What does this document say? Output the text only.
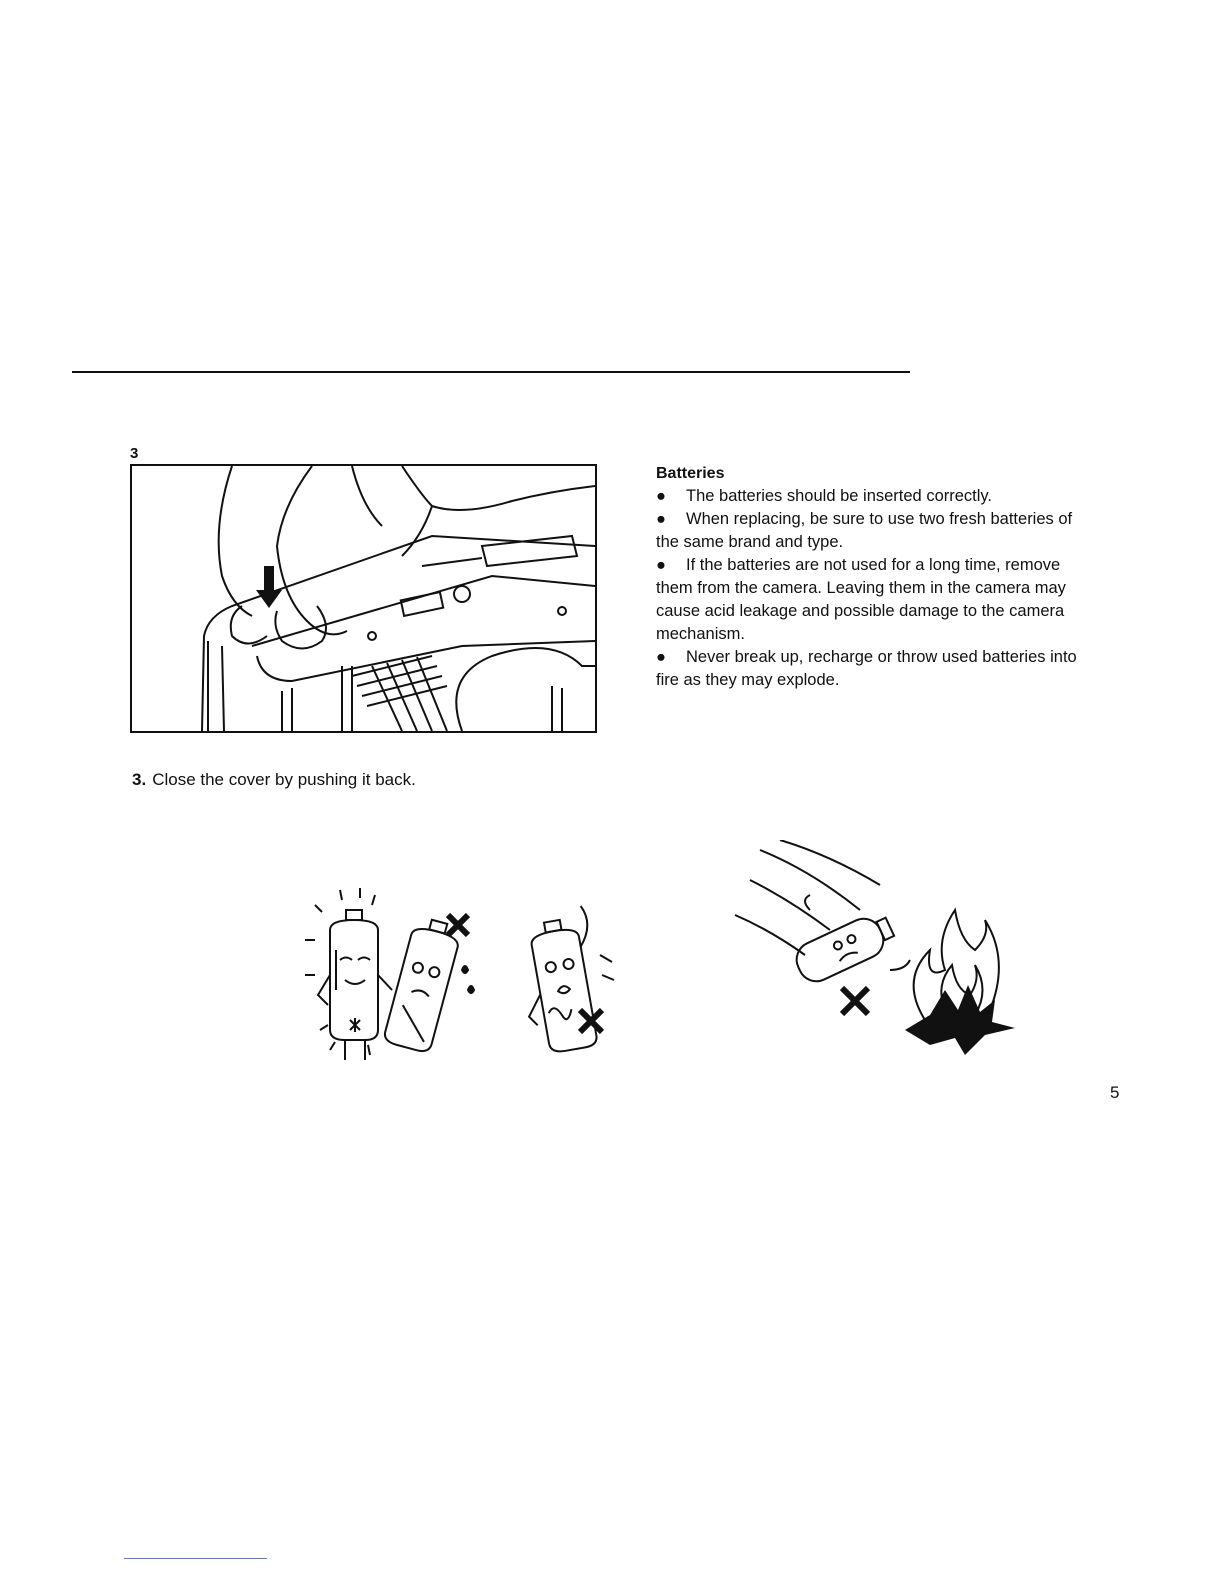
3
3. Close the cover by pushing it back.
Batteries

● The batteries should be inserted correctly.

● When replacing, be sure to use two fresh batteries of the same brand and type.

● If the batteries are not used for a long time, remove them from the camera. Leaving them in the camera may cause acid leakage and possible damage to the camera mechanism.

● Never break up, recharge or throw used batteries into fire as they may explode.

5
